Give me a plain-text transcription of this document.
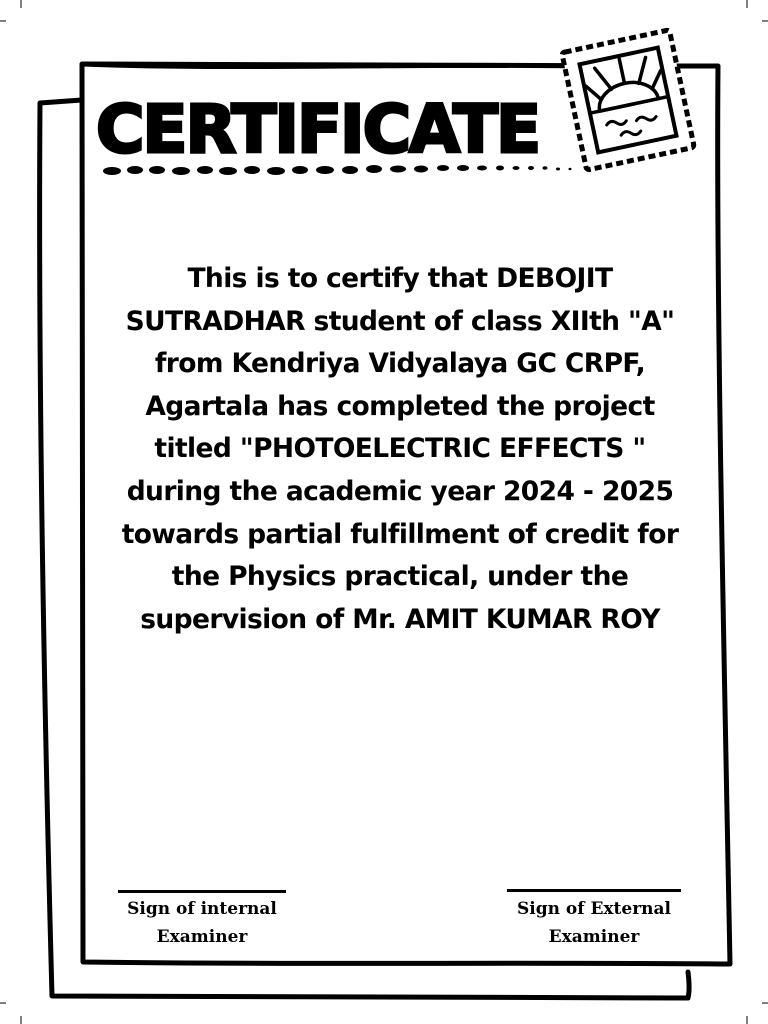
CERTIFICATE
This is to certify that DEBOJIT SUTRADHAR student of class XIIth "A" from Kendriya Vidyalaya GC CRPF, Agartala has completed the project titled "PHOTOELECTRIC EFFECTS " during the academic year 2024 - 2025 towards partial fulfillment of credit for the Physics practical, under the supervision of Mr. AMIT KUMAR ROY
Sign of internal
Examiner
Sign of External
Examiner
